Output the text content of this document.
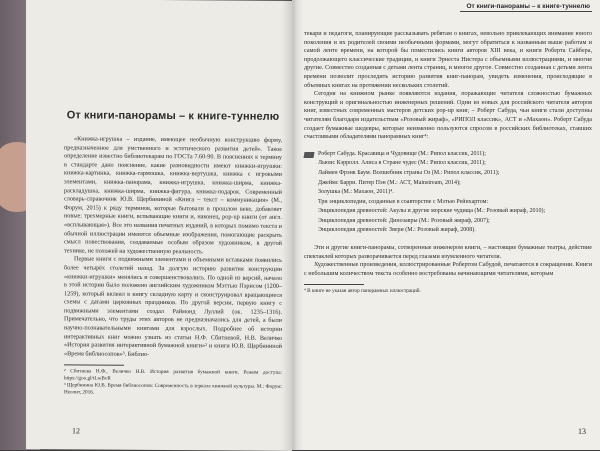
От книги-панорамы – к книге-туннелю

«Книжка-игрушка – издание, имеющее необычную конструкцию форму, предназначенное для умственного и эстетического развития детей». Такое определение известно библиотекарям по ГОСТа 7.60-90. В пояснениях к термину в стандарте дано пояснение, какие разновидности имеют книжки-игрушки: книжка-картинка, книжка-гармошка, книжка-вертушка, книжка с игровыми элементами, книжка-панорама, книжка-игрушка, книжка-ширма, книжка-раскладушка, книжка-ширма, книжка-фигура, книжка-подарок. Современный словарь-справочник Ю.В. Щербининой «Книга – текст – коммуникация» (М., Форум, 2015) к ряду терминов, которые бытовали в прошлом веке, добавляет новые: трехмерные книги, вспывающие книги и, наконец, pop-up книги (от англ. «всплывающая»). Все это названия печатных изданий, в которых помимо текста и обычной иллюстрации имеются объемные изображения, помогающие раскрыть смысл повествования, создаваемые особым образом художником, в другой технике, не похожей на художественную реальность.

Первые книги с подвижными элементами и объемными вставками появились более четырёх столетий назад. За долгую историю развития конструкции «книжки-игрушки» менялись и совершенствовались. По одной из версий, начало в этой истории было положено английским художником Мэттью Пэрисом (1200–1259), который вклеил в книгу складную карту и сконструировал вращающиеся схемы с датами церковных праздников. По другой версии, первую книгу с подвижными элементами создал Раймонд Луллий (ок. 1235–1316). Примечательно, что труды этих авторов не предназначались для детей, а были научно-познавательными книгами для взрослых. Подробнее об истории интерактивных книг можно узнать из статьи Н.Ф. Сбитневой, Н.В. Величко «История развития интерактивной бумажной книги»² и книги Ю.В. Щербининой «Время библиосопов»³. Библио-

² Сбитнева Н.Ф., Величко Н.В. История развития бумажной книги. Режим доступа: https://goo.gl/tLwBvR

³ Щербинина Ю.В. Время библиосопов: Современность в зеркале книжной культуры. М.: Форум: Неолит, 2016.

12
От книги-панорамы – к книге-туннелю

текари и педагоги, планирующие рассказывать ребятам о книгах, невольно привлекающих внимание юного поколения и их родителей своими необычными формами, могут обратиться к названным выше работам и самой ленте времени, на которой бы поместились книги авторов XIII века, и книги Роберта Сайбера, продолжающего классические традиции, и книги Эрнеста Нистера с объемными иллюстрациями, и многие другие. Совместно созданная с детьми лента страниц, и многое другое. Совместно созданная с детьми лента времени позволит проследить историю развития книг-панорам, увидеть изменения, происходящие в объемных книгах на протяжении нескольких столетий.

Сегодня на книжном рынке появляются издания, поражающие читателя сложностью бумажных конструкций и оригинальностью инженерных решений. Одни из новых для российского читателя авторов книг, известных современных мастеров детских pop-up книг, – Роберт Сабуда, чьи книги стали доступны читателям благодаря издательствам «Розовый жираф», «РИПОЛ классик», АСТ и «Махаон». Роберт Сабуда создает бумажные шедевры, которые неизменно пользуются спросом в российских библиотеках, ставших счастливыми обладателями панорамных книг⁴:

Роберт Сабуда. Красавица и Чудовище (М.: Рипол классик, 2011);
Льюис Кэрролл. Алиса в Стране чудес (М.: Рипол классик, 2011);
Лаймен Фрэнк Баум. Волшебник страны Оз (М.: Рипол классик, 2011);
Джеймс Барри. Питер Пэн (М.: АСТ, Mainstream, 2014);
Золушка (М.: Махаон, 2011)⁴.
Три энциклопедии, созданные в соавторстве с Мэтью Рейнхартом:
Энциклопедия древностей: Акулы и другие морские чудища (М.: Розовый жираф, 2010);
Энциклопедия древностей: Динозавры (М.: Розовый жираф, 2007);
Энциклопедия древностей: Звери (М.: Розовый жираф, 2008).

Эти и другие книги-панорамы, сотворенные инженером книги, – настоящие бумажные театры, действие спектаклей которых разворачивается перед глазами изумленного читателя.

Художественные произведения, иллюстрированные Робертом Сабудой, печатаются в сокращении. Книги с небольшим количеством текста особенно востребованы начинающими читателями, которым

⁴ В книге не указан автор панорамных иллюстраций.

13
